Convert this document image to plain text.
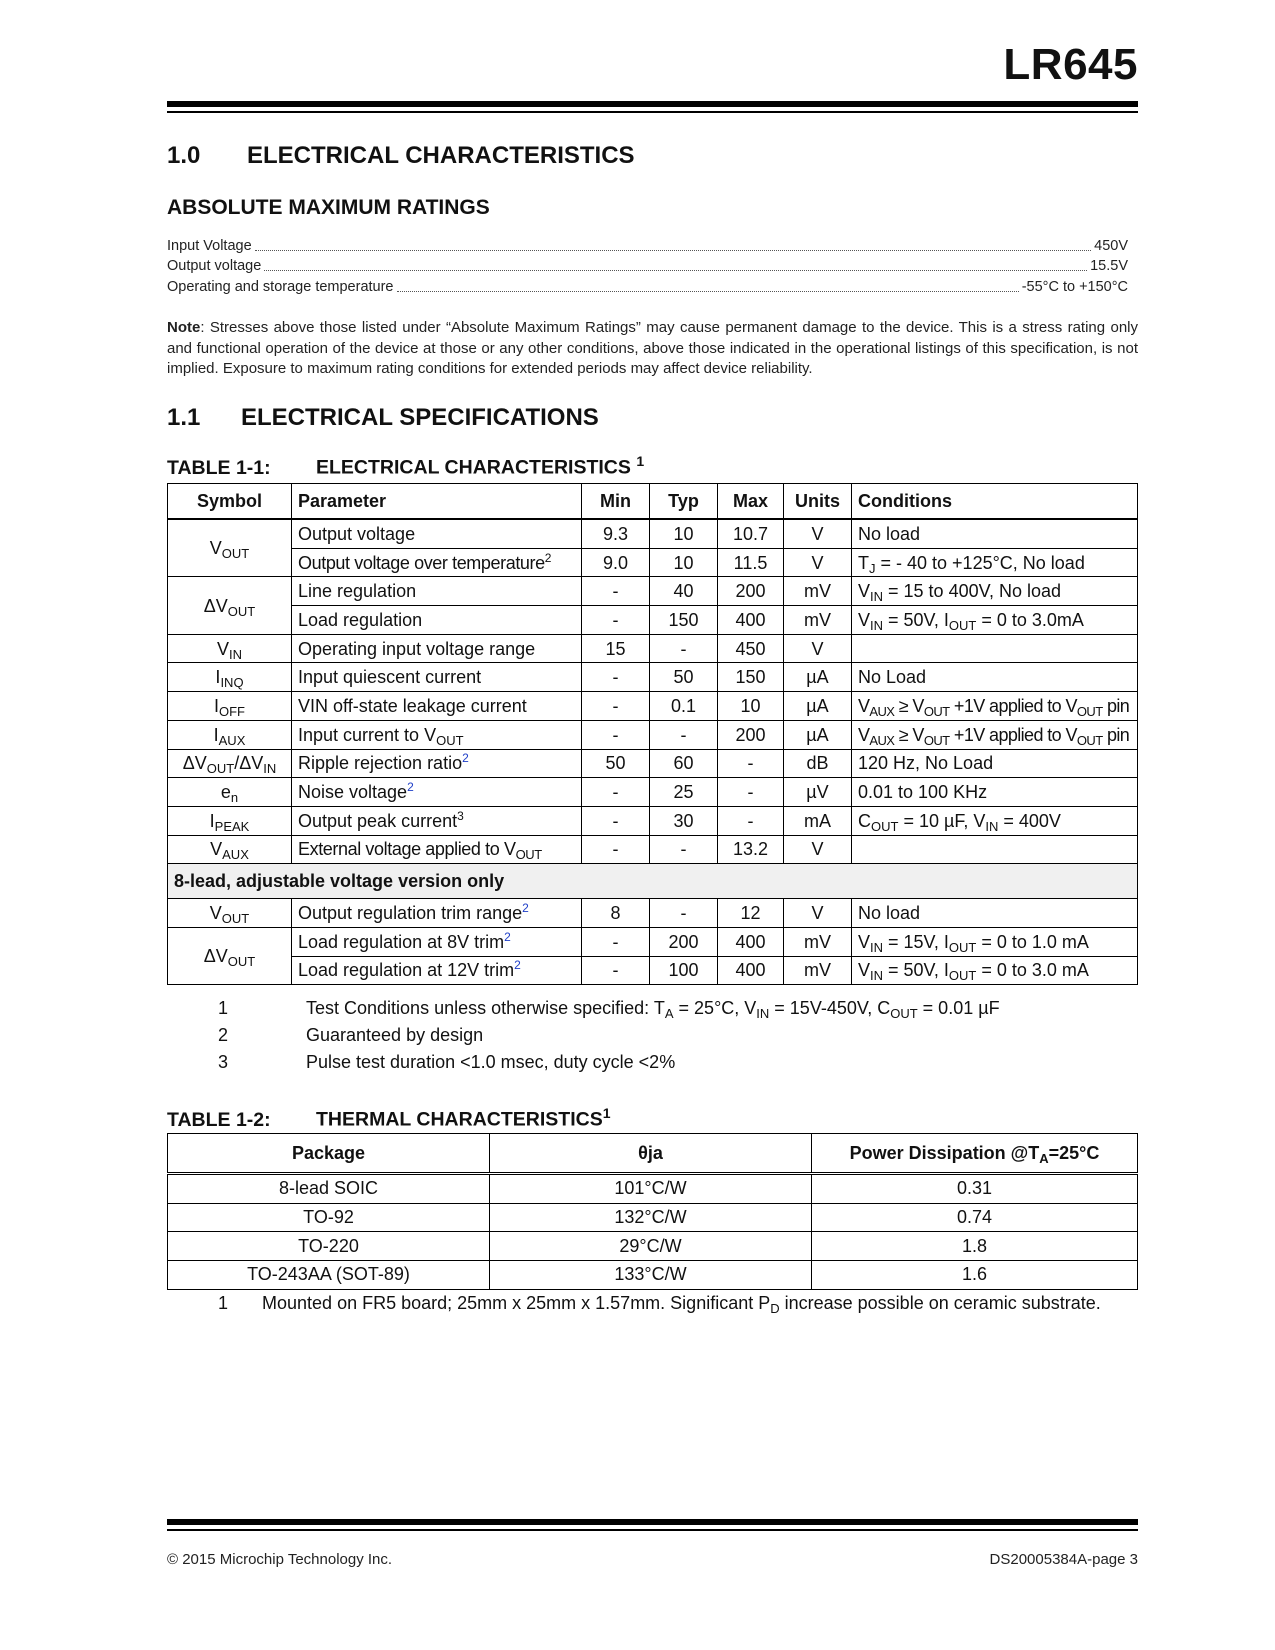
LR645
1.0 ELECTRICAL CHARACTERISTICS
ABSOLUTE MAXIMUM RATINGS
Input Voltage	450V
Output voltage	15.5V
Operating and storage temperature	-55°C to +150°C
Note: Stresses above those listed under “Absolute Maximum Ratings” may cause permanent damage to the device. This is a stress rating only and functional operation of the device at those or any other conditions, above those indicated in the operational listings of this specification, is not implied. Exposure to maximum rating conditions for extended periods may affect device reliability.
1.1 ELECTRICAL SPECIFICATIONS
TABLE 1-1: ELECTRICAL CHARACTERISTICS $^1$
Symbol	Parameter	Min	Typ	Max	Units	Conditions
$V_{OUT}$	Output voltage	9.3	10	10.7	V	No load
	Output voltage over temperature$^2$	9.0	10	11.5	V	$T_J$ = - 40 to +125°C, No load
$\Delta V_{OUT}$	Line regulation	-	40	200	mV	$V_{IN} = 15$ to 400V, No load
	Load regulation	-	150	400	mV	$V_{IN} = 50V$, $I_{OUT} = 0$ to 3.0mA
$V_{IN}$	Operating input voltage range	15	-	450	V	
$I_{INQ}$	Input quiescent current	-	50	150	µA	No Load
$I_{OFF}$	VIN off-state leakage current	-	0.1	10	µA	$V_{AUX} \ge V_{OUT} +1V$ applied to $V_{OUT}$ pin
$I_{AUX}$	Input current to $V_{OUT}$	-	-	200	µA	$V_{AUX} \ge V_{OUT} +1V$ applied to $V_{OUT}$ pin
$\Delta V_{OUT}/\Delta V_{IN}$	Ripple rejection ratio$^2$	50	60	-	dB	120 Hz, No Load
$e_n$	Noise voltage$^2$	-	25	-	µV	0.01 to 100 KHz
$I_{PEAK}$	Output peak current$^3$	-	30	-	mA	$C_{OUT} = 10$ µF, $V_{IN} = 400V$
$V_{AUX}$	External voltage applied to $V_{OUT}$	-	-	13.2	V	
8-lead, adjustable voltage version only						
$V_{OUT}$	Output regulation trim range$^2$	8	-	12	V	No load
$\Delta V_{OUT}$	Load regulation at 8V trim$^2$	-	200	400	mV	$V_{IN} = 15V$, $I_{OUT} = 0$ to 1.0 mA
	Load regulation at 12V trim$^2$	-	100	400	mV	$V_{IN} = 50V$, $I_{OUT} = 0$ to 3.0 mA
1	Test Conditions unless otherwise specified: $T_A = 25^\circ C$, $V_{IN} = 15V-450V$, $C_{OUT} = 0.01$ µF
2	Guaranteed by design
3	Pulse test duration <1.0 msec, duty cycle <2%
TABLE 1-2: THERMAL CHARACTERISTICS$^1$
Package	θja	Power Dissipation $@T_A=25^\circ C$
8-lead SOIC	101°C/W	0.31
TO-92	132°C/W	0.74
TO-220	29°C/W	1.8
TO-243AA (SOT-89)	133°C/W	1.6
1 Mounted on FR5 board; 25mm x 25mm x 1.57mm. Significant $P_D$ increase possible on ceramic substrate.
© 2015 Microchip Technology Inc.	DS20005384A-page 3
